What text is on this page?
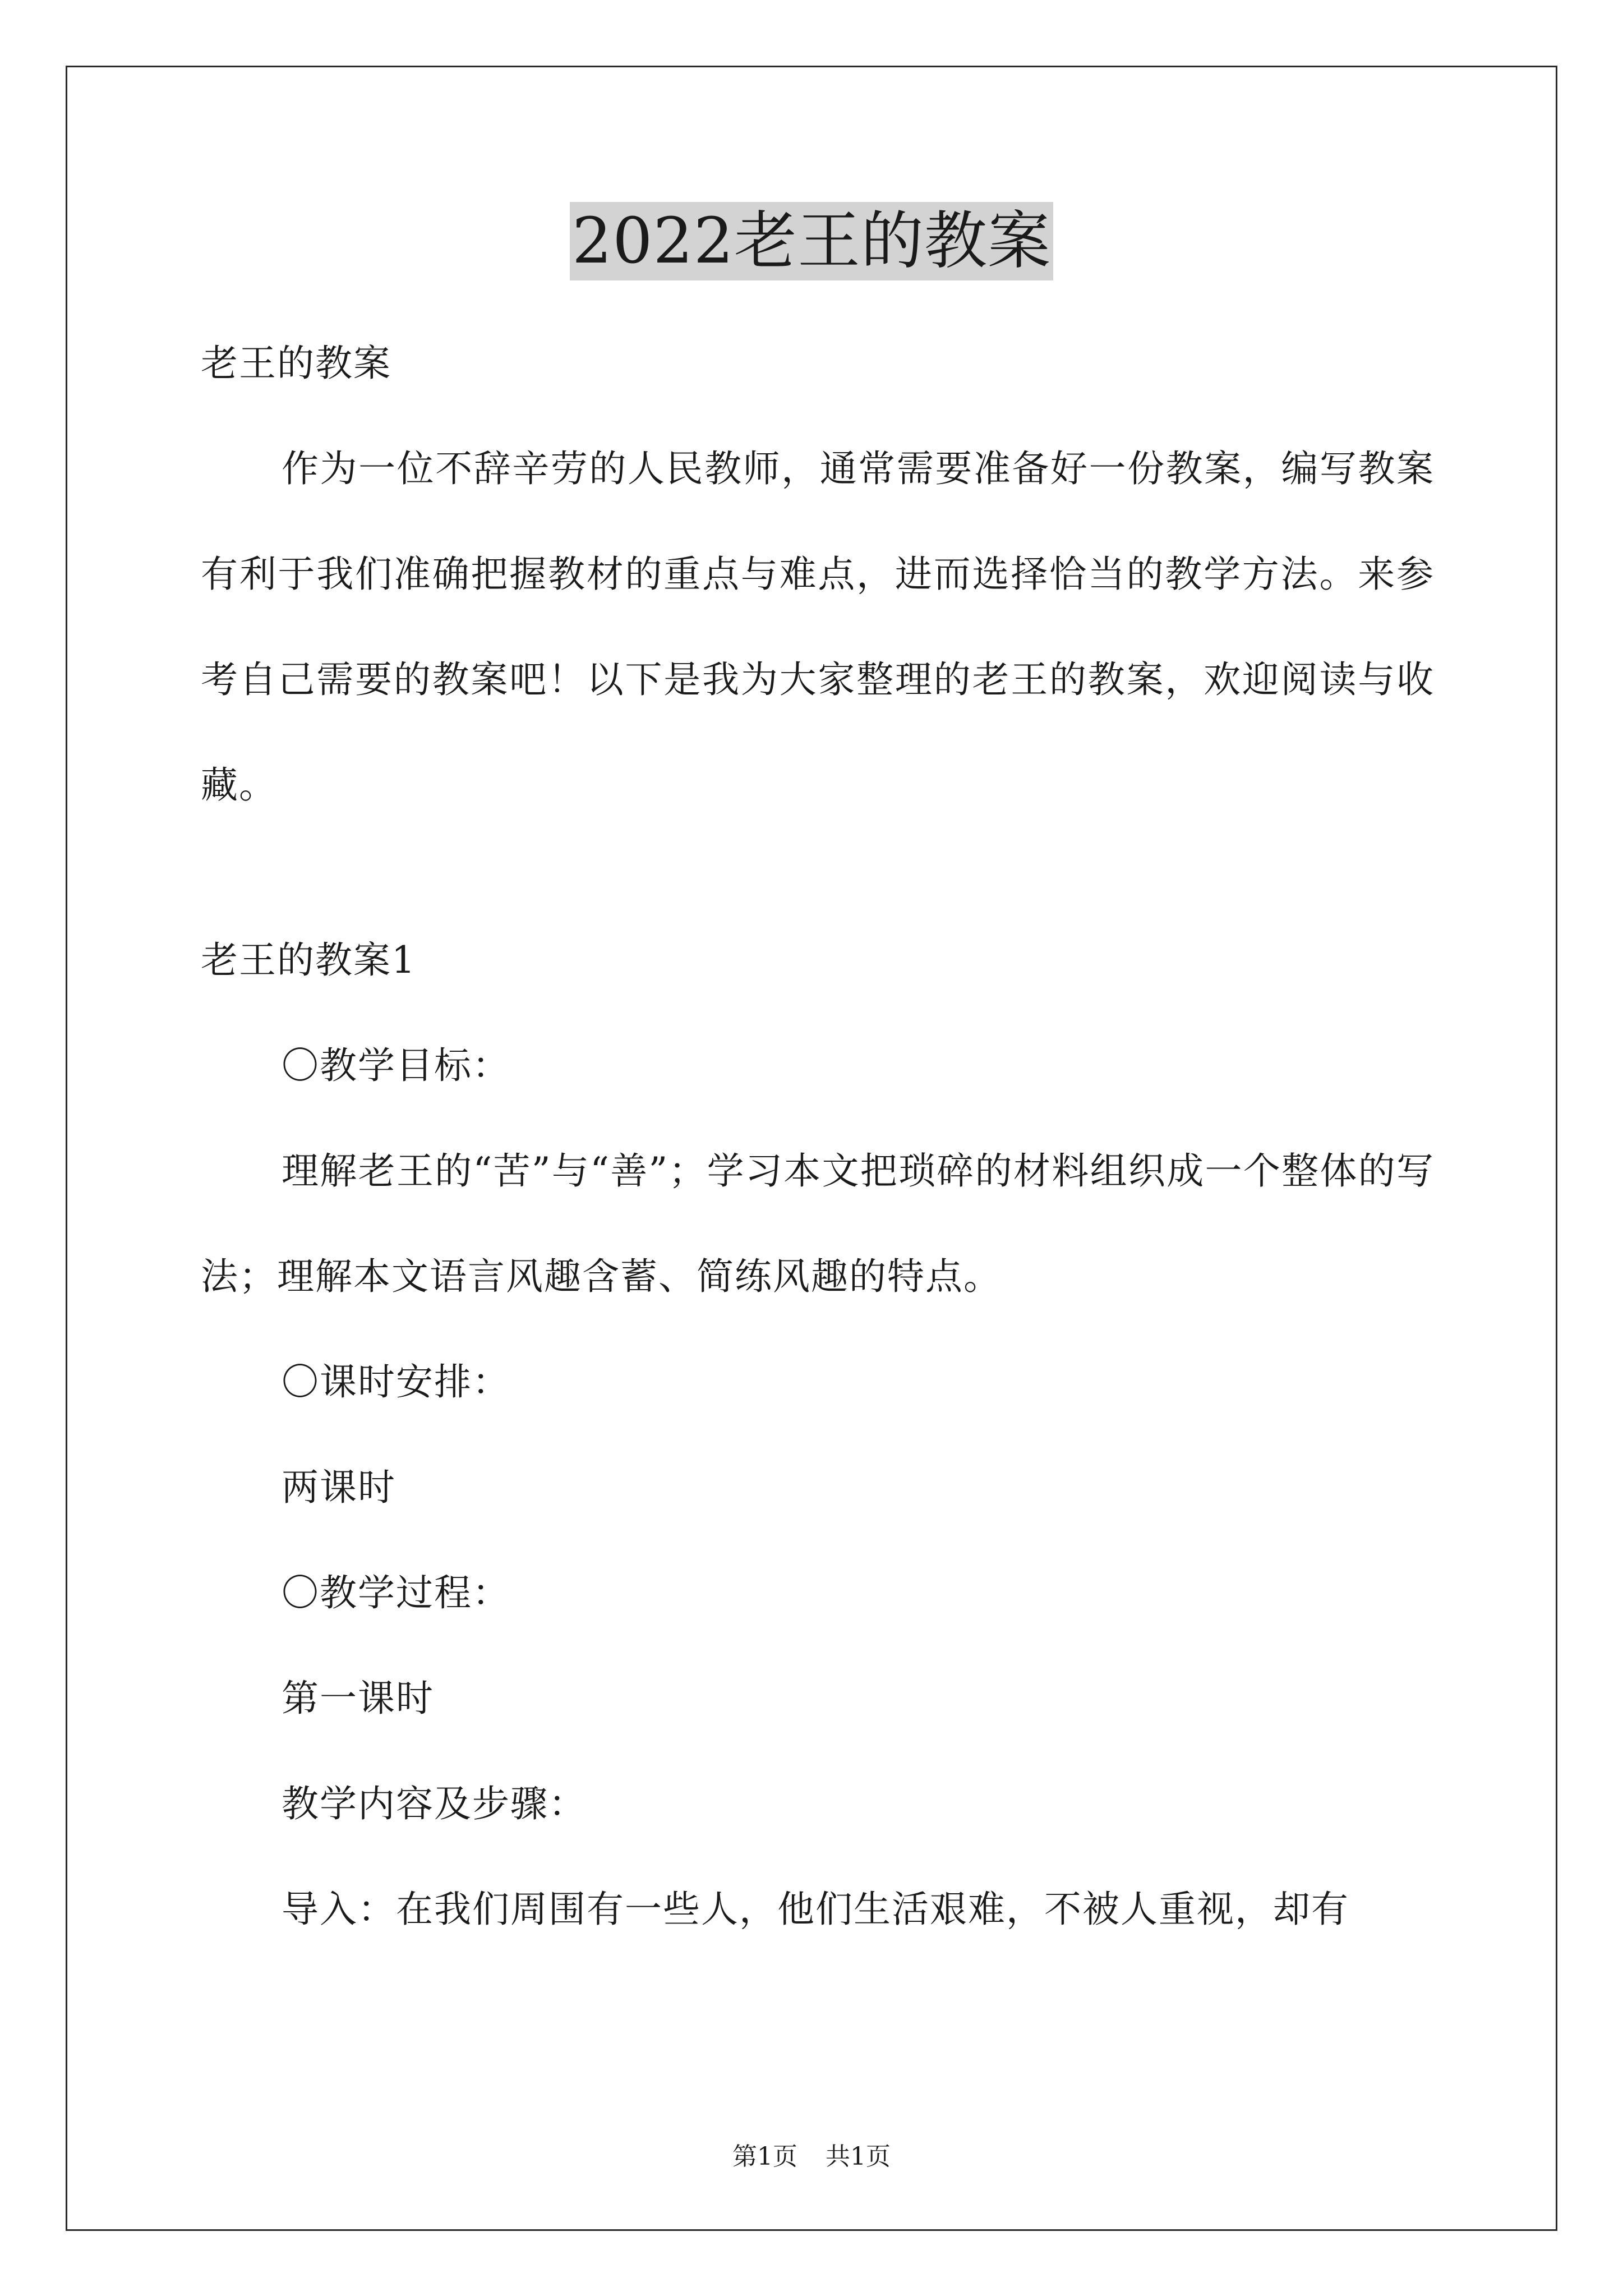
2022老王的教案

老王的教案

作为一位不辞辛劳的人民教师，通常需要准备好一份教案，编写教案有利于我们准确把握教材的重点与难点，进而选择恰当的教学方法。来参考自己需要的教案吧！以下是我为大家整理的老王的教案，欢迎阅读与收藏。

老王的教案1

〇教学目标：

理解老王的“苦”与“善”；学习本文把琐碎的材料组织成一个整体的写法；理解本文语言风趣含蓄、简练风趣的特点。

〇课时安排：

两课时

〇教学过程：

第一课时

教学内容及步骤：

导入：在我们周围有一些人，他们生活艰难，不被人重视，却有

第1页 共1页
